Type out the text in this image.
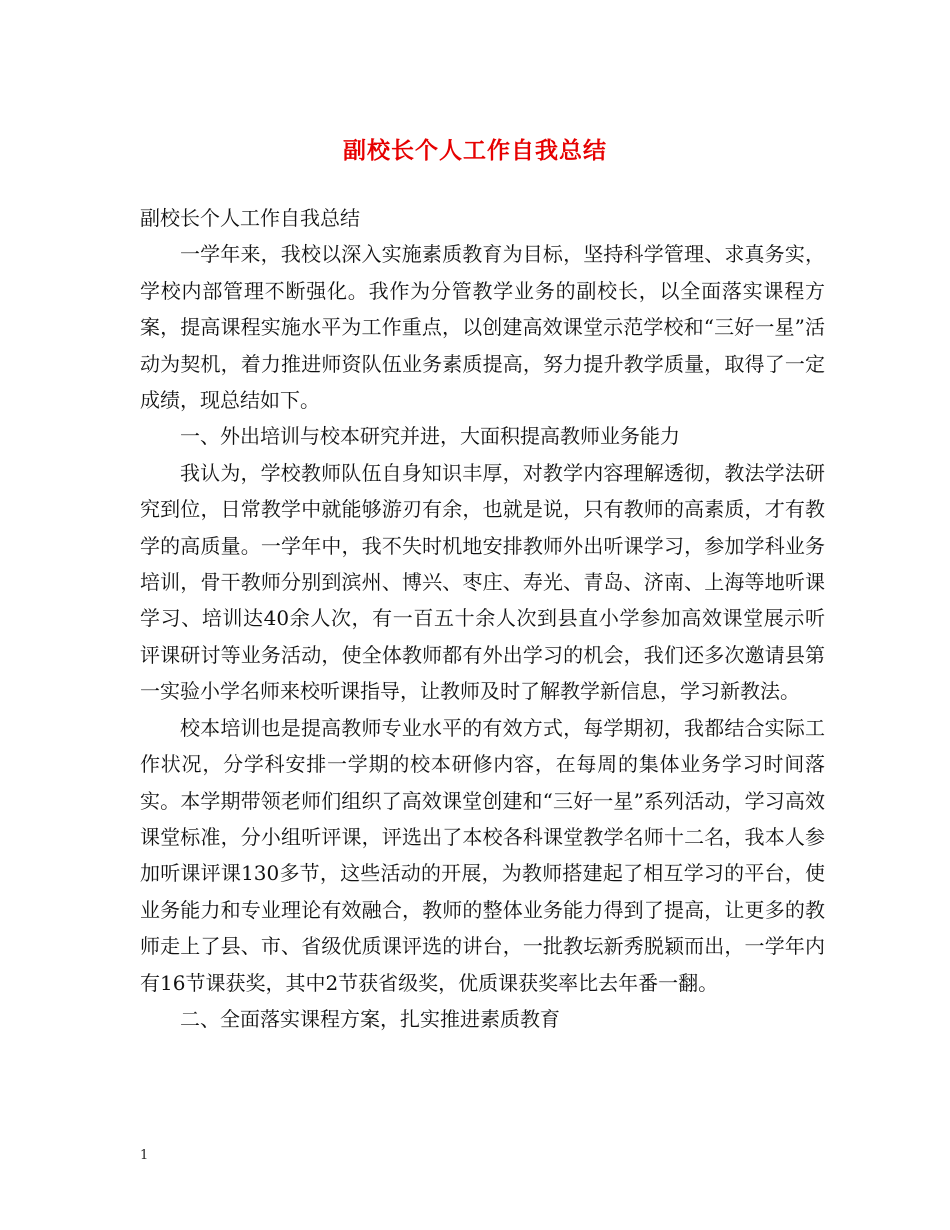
副校长个人工作自我总结

副校长个人工作自我总结

一学年来，我校以深入实施素质教育为目标，坚持科学管理、求真务实，学校内部管理不断强化。我作为分管教学业务的副校长，以全面落实课程方案，提高课程实施水平为工作重点，以创建高效课堂示范学校和“三好一星”活动为契机，着力推进师资队伍业务素质提高，努力提升教学质量，取得了一定成绩，现总结如下。

一、外出培训与校本研究并进，大面积提高教师业务能力

我认为，学校教师队伍自身知识丰厚，对教学内容理解透彻，教法学法研究到位，日常教学中就能够游刃有余，也就是说，只有教师的高素质，才有教学的高质量。一学年中，我不失时机地安排教师外出听课学习，参加学科业务培训，骨干教师分别到滨州、博兴、枣庄、寿光、青岛、济南、上海等地听课学习、培训达40余人次，有一百五十余人次到县直小学参加高效课堂展示听评课研讨等业务活动，使全体教师都有外出学习的机会，我们还多次邀请县第一实验小学名师来校听课指导，让教师及时了解教学新信息，学习新教法。

校本培训也是提高教师专业水平的有效方式，每学期初，我都结合实际工作状况，分学科安排一学期的校本研修内容，在每周的集体业务学习时间落实。本学期带领老师们组织了高效课堂创建和“三好一星”系列活动，学习高效课堂标准，分小组听评课，评选出了本校各科课堂教学名师十二名，我本人参加听课评课130多节，这些活动的开展，为教师搭建起了相互学习的平台，使业务能力和专业理论有效融合，教师的整体业务能力得到了提高，让更多的教师走上了县、市、省级优质课评选的讲台，一批教坛新秀脱颖而出，一学年内有16节课获奖，其中2节获省级奖，优质课获奖率比去年番一翻。

二、全面落实课程方案，扎实推进素质教育

1
